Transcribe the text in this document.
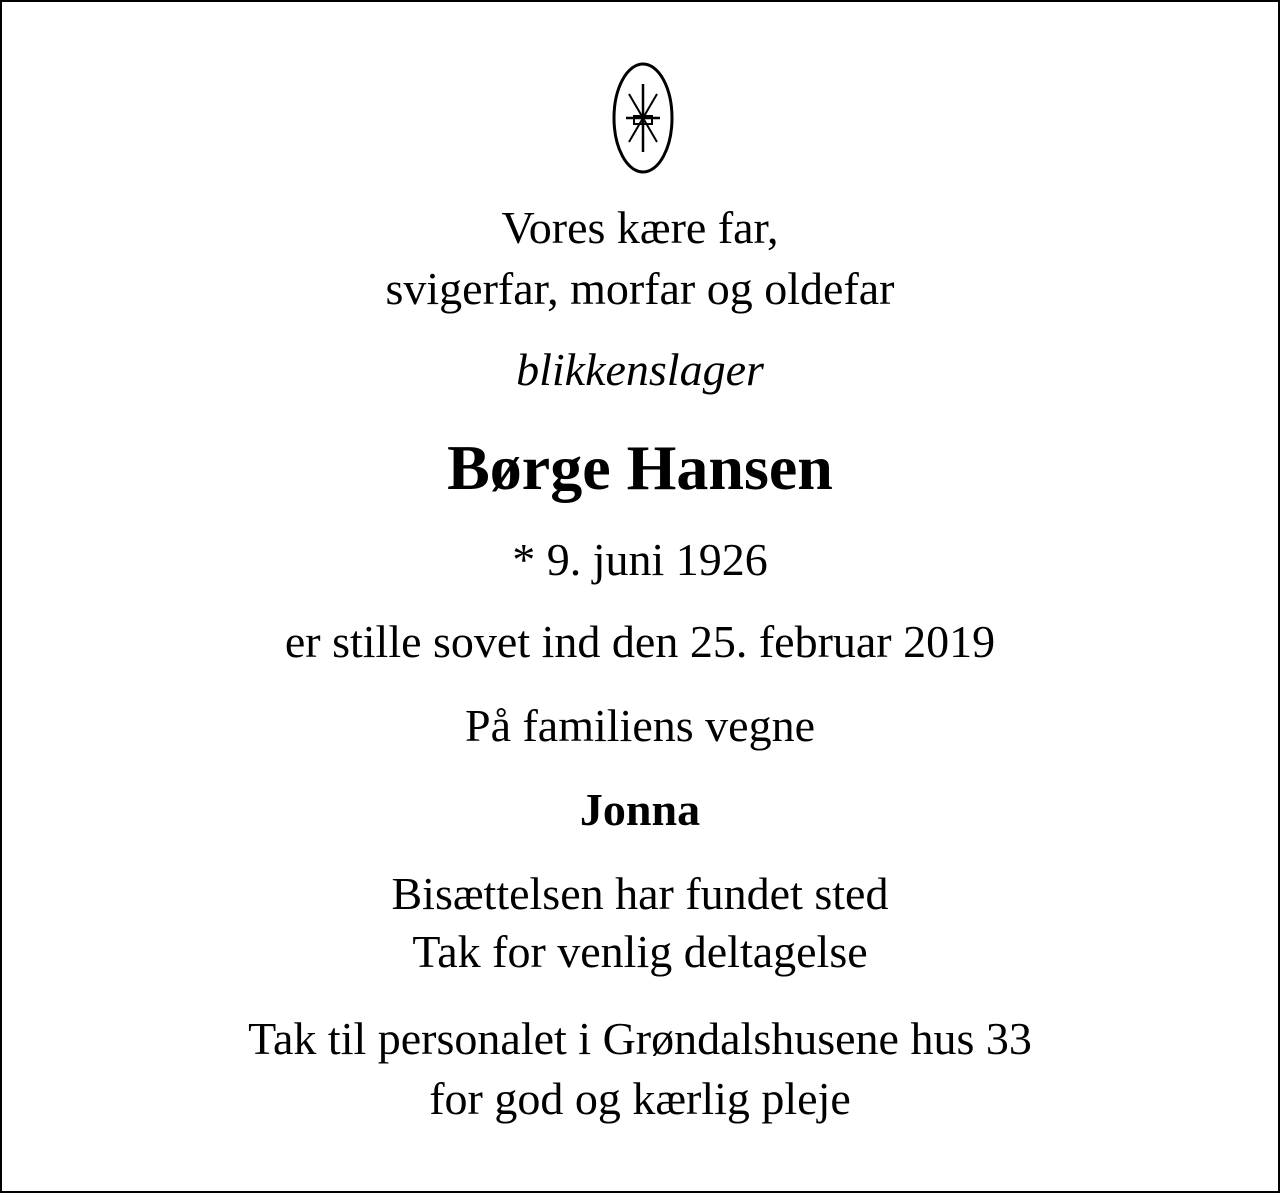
Vores kære far,
svigerfar, morfar og oldefar
blikkenslager
Børge Hansen
* 9. juni 1926
er stille sovet ind den 25. februar 2019
På familiens vegne
Jonna
Bisættelsen har fundet sted
Tak for venlig deltagelse
Tak til personalet i Grøndalshusene hus 33
for god og kærlig pleje
